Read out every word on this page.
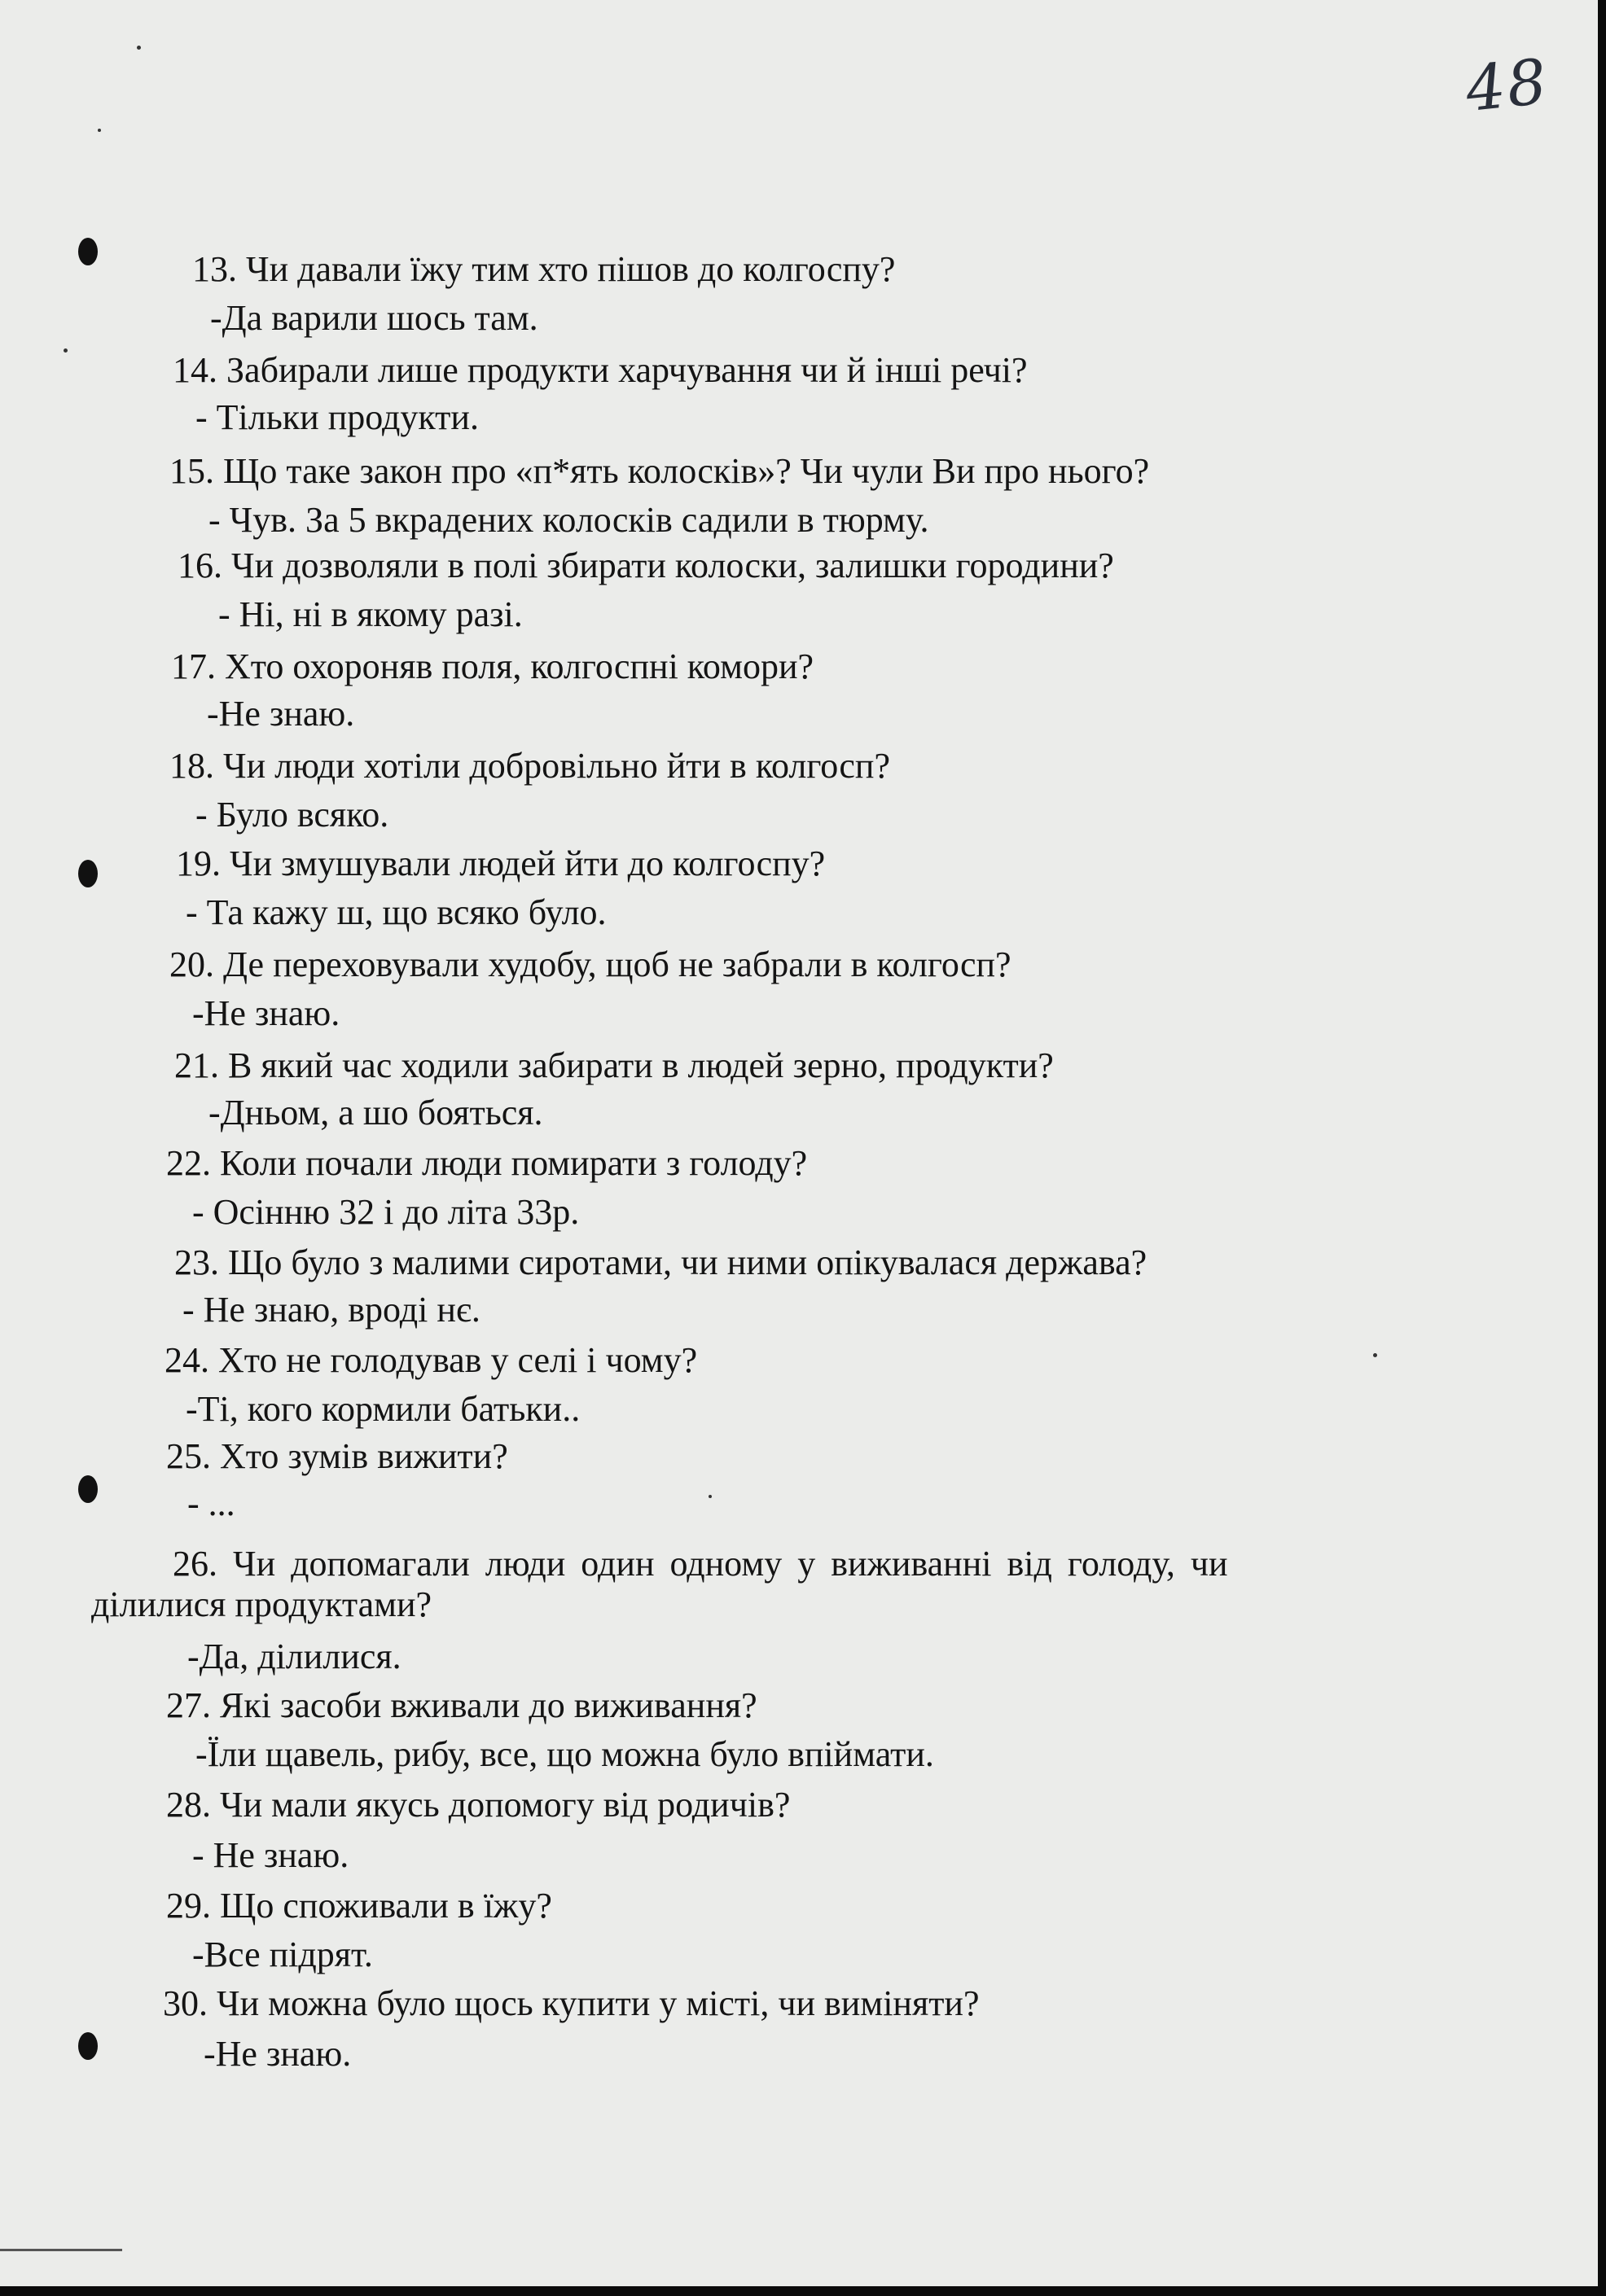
48
13. Чи давали їжу тим хто пішов до колгоспу?
-Да варили шось там.
14. Забирали лише продукти харчування чи й інші речі?
- Тільки продукти.
15. Що таке закон про «п*ять колосків»? Чи чули Ви про нього?
- Чув. За 5 вкрадених колосків садили в тюрму.
16. Чи дозволяли в полі збирати колоски, залишки городини?
- Ні, ні в якому разі.
17. Хто охороняв поля, колгоспні комори?
-Не знаю.
18. Чи люди хотіли добровільно йти в колгосп?
- Було всяко.
19. Чи змушували людей йти до колгоспу?
- Та кажу ш, що всяко було.
20. Де переховували худобу, щоб не забрали в колгосп?
-Не знаю.
21. В який час ходили забирати в людей зерно, продукти?
-Дньом, а шо бояться.
22. Коли почали люди помирати з голоду?
- Осінню 32 і до літа 33р.
23. Що було з малими сиротами, чи ними опікувалася держава?
- Не знаю, вроді нє.
24. Хто не голодував у селі і чому?
-Ті, кого кормили батьки..
25. Хто зумів вижити?
- ...
26. Чи допомагали люди один одному у виживанні від голоду, чи
ділилися продуктами?
-Да, ділилися.
27. Які засоби вживали до виживання?
-Їли щавель, рибу, все, що можна було впіймати.
28. Чи мали якусь допомогу від родичів?
- Не знаю.
29. Що споживали в їжу?
-Все підрят.
30. Чи можна було щось купити у місті, чи виміняти?
-Не знаю.
